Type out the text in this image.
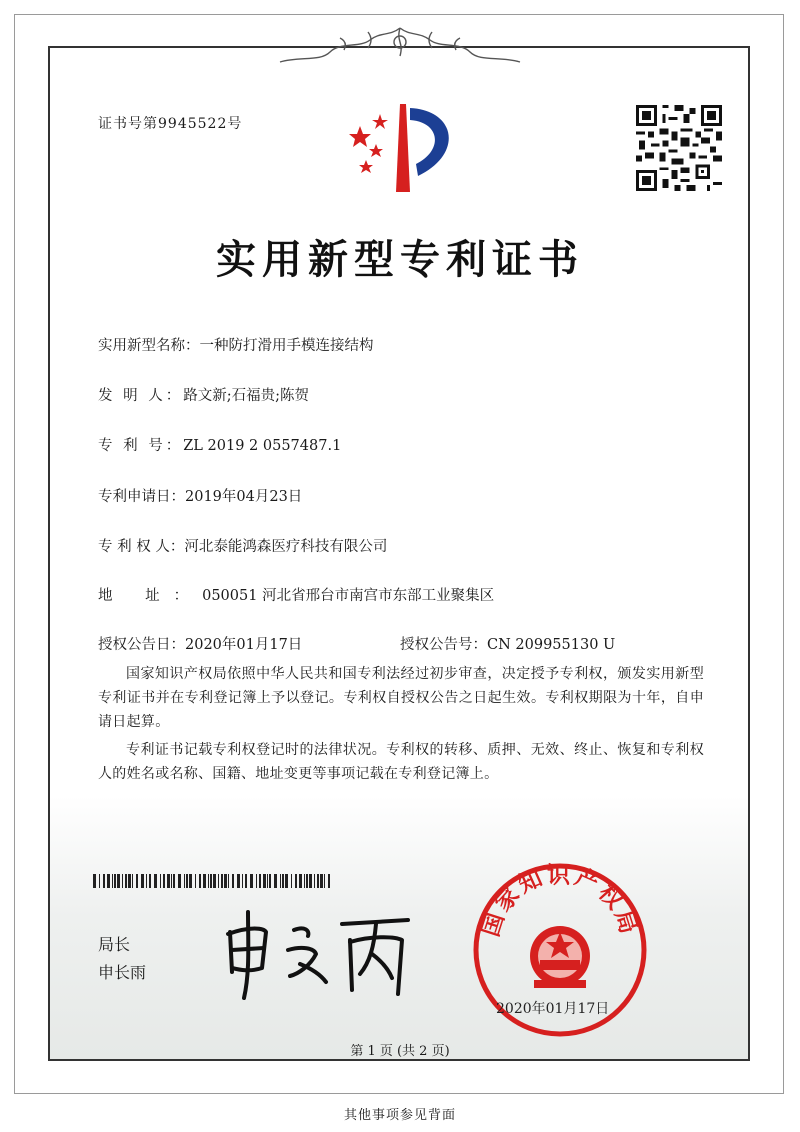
证书号第9945522号
实用新型专利证书
实用新型名称：一种防打滑用手模连接结构
发 明 人：路文新;石福贵;陈贺
专 利 号：ZL 2019 2 0557487.1
专利申请日：2019年04月23日
专 利 权 人：河北泰能鸿森医疗科技有限公司
地 址：050051 河北省邢台市南宫市东部工业聚集区
授权公告日：2020年01月17日	授权公告号：CN 209955130 U
国家知识产权局依照中华人民共和国专利法经过初步审查，决定授予专利权，颁发实用新型专利证书并在专利登记簿上予以登记。专利权自授权公告之日起生效。专利权期限为十年，自申请日起算。
专利证书记载专利权登记时的法律状况。专利权的转移、质押、无效、终止、恢复和专利权人的姓名或名称、国籍、地址变更等事项记载在专利登记簿上。
局长
申长雨
国家知识产权局
2020年01月17日
第 1 页 (共 2 页)
其他事项参见背面
